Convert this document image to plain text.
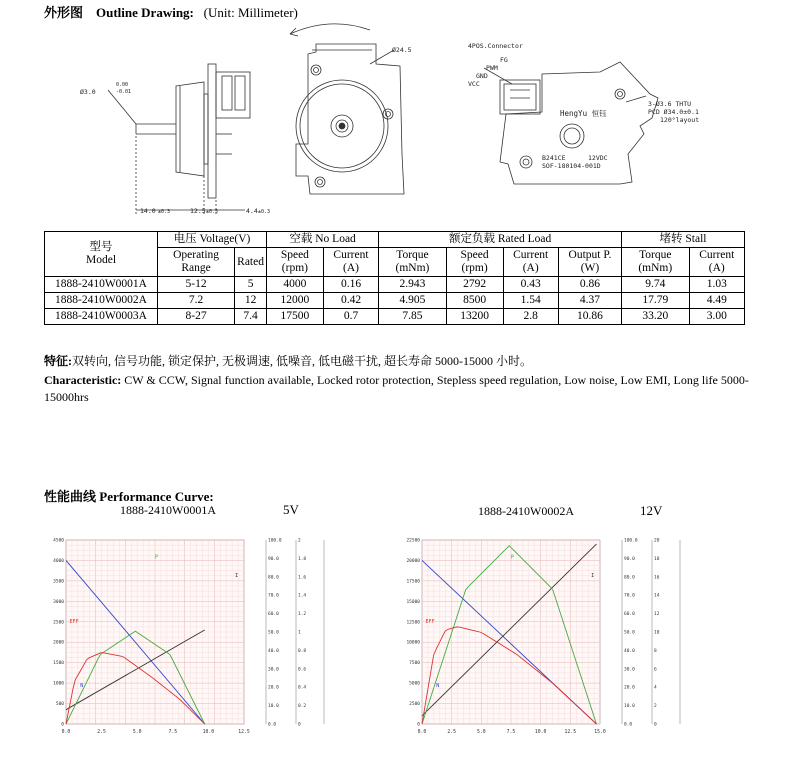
外形图 Outline Drawing: (Unit: Millimeter)
Ø3.0
0.00
-0.01
14.0 ±0.3	12.5 ±0.5	4.4 ±0.3
Ø24.5	4POS.Connector
FG
PWM
GND
VCC
HengYu 恒钰
3-Ø3.6 THTU
PCD Ø34.0±0.1
120°layout
B241CE	12VDC
SOF-180104-001D
型号
Model	电压 Voltage(V)		空载 No Load		额定负载 Rated Load				堵转 Stall	
	Operating Range	Rated	Speed (rpm)	Current (A)	Torque (mNm)	Speed (rpm)	Current (A)	Output P. (W)	Torque (mNm)	Current (A)
1888-2410W0001A	5-12	5	4000	0.16	2.943	2792	0.43	0.86	9.74	1.03
1888-2410W0002A	7.2	12	12000	0.42	4.905	8500	1.54	4.37	17.79	4.49
1888-2410W0003A	8-27	7.4	17500	0.7	7.85	13200	2.8	10.86	33.20	3.00
特征:双转向, 信号功能, 锁定保护, 无极调速, 低噪音, 低电磁干扰, 超长寿命 5000-15000 小时。
Characteristic: CW & CCW, Signal function available, Locked rotor protection, Stepless speed regulation, Low noise, Low EMI, Long life 5000-15000hrs
性能曲线 Performance Curve:
1888-2410W0001A	5V	1888-2410W0002A	12V
0.0	2.5	5.0	7.5	10.0	12.5
0
500
1000
1500
2000
2500
3000
3500
4000
4500
0.0
10.0
20.0
30.0
40.0
50.0
60.0
70.0
80.0
90.0
100.0
0
0.2
0.4
0.6
0.8
1
1.2
1.4
1.6
1.8
2
N
I
P
EFF
0.0	2.5	5.0	7.5	10.0	12.5	15.0
0
2500
5000
7500
10000
12500
15000
17500
20000
22500
0.0
10.0
20.0
30.0
40.0
50.0
60.0
70.0
80.0
90.0
100.0
0
2
4
6
8
10
12
14
16
18
20
N
I
P
EFF
